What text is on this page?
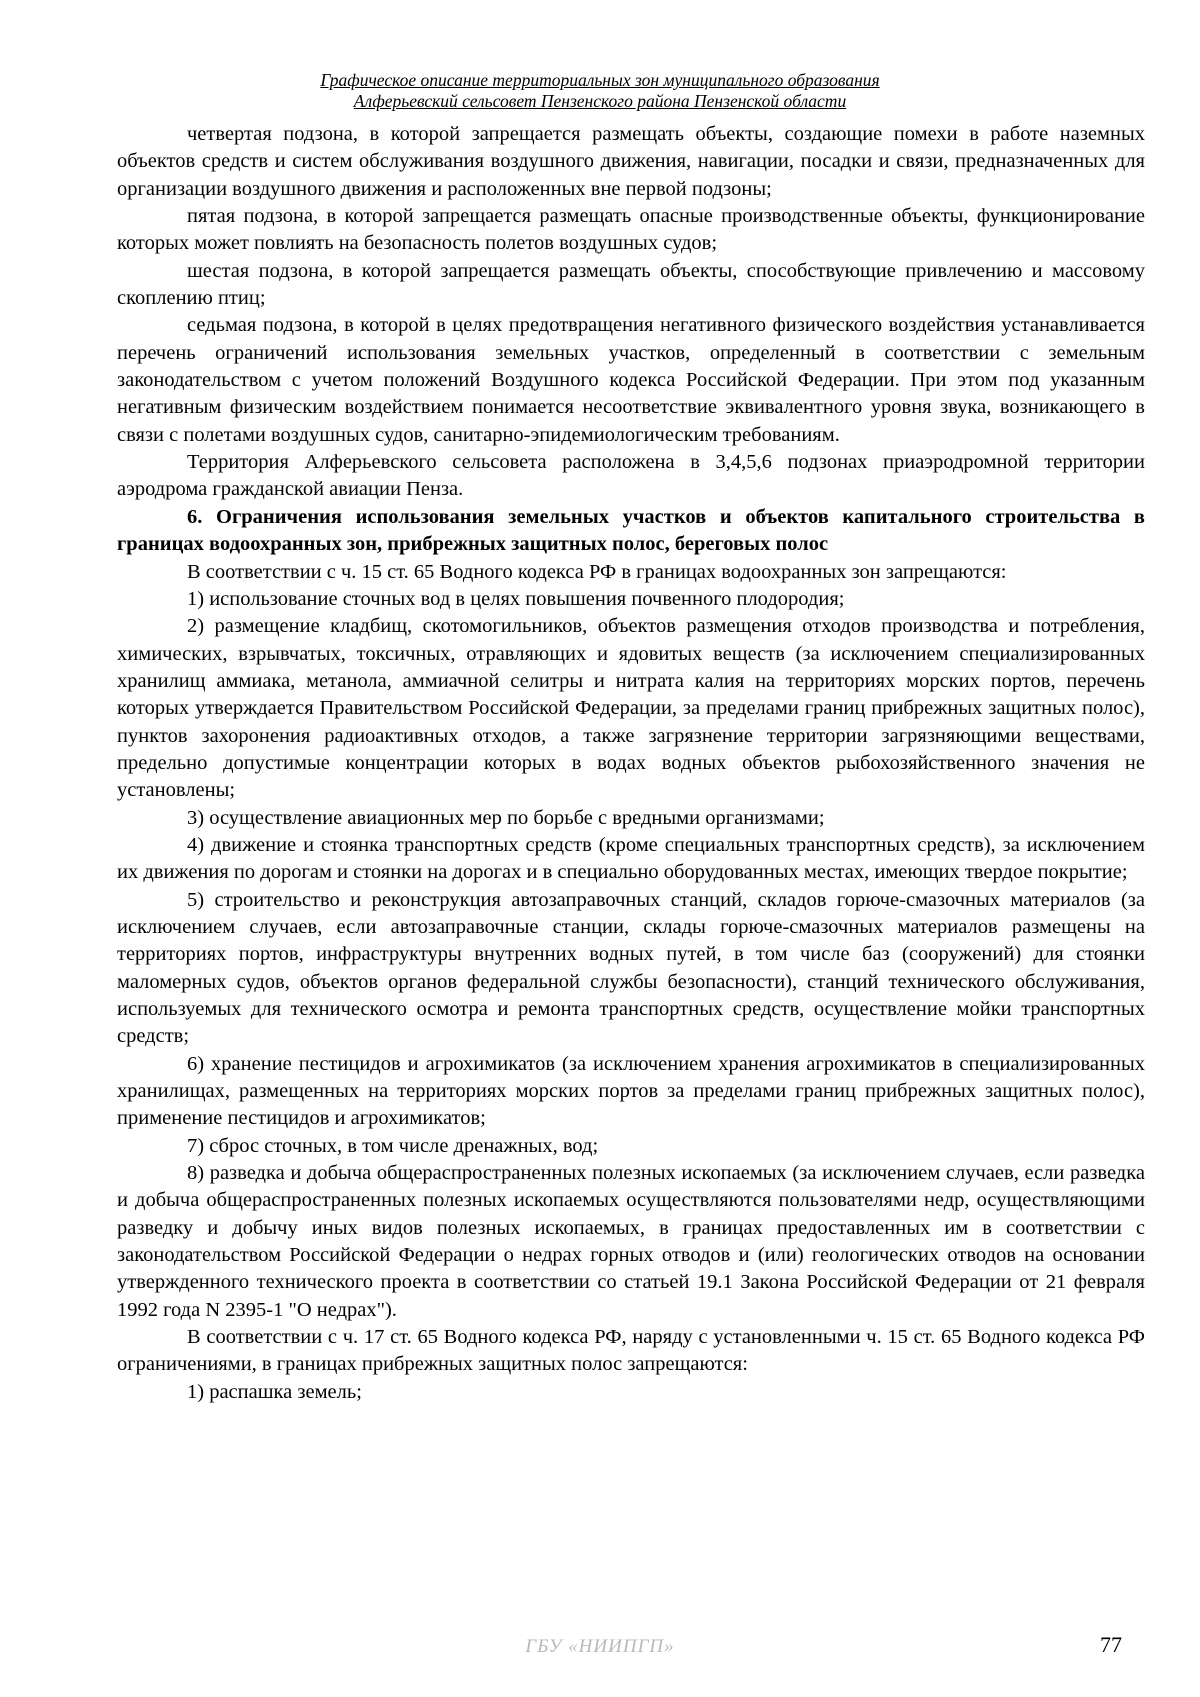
Графическое описание территориальных зон муниципального образования
Алферьевский сельсовет Пензенского района Пензенской области

четвертая подзона, в которой запрещается размещать объекты, создающие помехи в работе наземных объектов средств и систем обслуживания воздушного движения, навигации, посадки и связи, предназначенных для организации воздушного движения и расположенных вне первой подзоны;

пятая подзона, в которой запрещается размещать опасные производственные объекты, функционирование которых может повлиять на безопасность полетов воздушных судов;

шестая подзона, в которой запрещается размещать объекты, способствующие привлечению и массовому скоплению птиц;

седьмая подзона, в которой в целях предотвращения негативного физического воздействия устанавливается перечень ограничений использования земельных участков, определенный в соответствии с земельным законодательством с учетом положений Воздушного кодекса Российской Федерации. При этом под указанным негативным физическим воздействием понимается несоответствие эквивалентного уровня звука, возникающего в связи с полетами воздушных судов, санитарно-эпидемиологическим требованиям.

Территория Алферьевского сельсовета расположена в 3,4,5,6 подзонах приаэродромной территории аэродрома гражданской авиации Пенза.

6. Ограничения использования земельных участков и объектов капитального строительства в границах водоохранных зон, прибрежных защитных полос, береговых полос

В соответствии с ч. 15 ст. 65 Водного кодекса РФ в границах водоохранных зон запрещаются:

1) использование сточных вод в целях повышения почвенного плодородия;

2) размещение кладбищ, скотомогильников, объектов размещения отходов производства и потребления, химических, взрывчатых, токсичных, отравляющих и ядовитых веществ (за исключением специализированных хранилищ аммиака, метанола, аммиачной селитры и нитрата калия на территориях морских портов, перечень которых утверждается Правительством Российской Федерации, за пределами границ прибрежных защитных полос), пунктов захоронения радиоактивных отходов, а также загрязнение территории загрязняющими веществами, предельно допустимые концентрации которых в водах водных объектов рыбохозяйственного значения не установлены;

3) осуществление авиационных мер по борьбе с вредными организмами;

4) движение и стоянка транспортных средств (кроме специальных транспортных средств), за исключением их движения по дорогам и стоянки на дорогах и в специально оборудованных местах, имеющих твердое покрытие;

5) строительство и реконструкция автозаправочных станций, складов горюче-смазочных материалов (за исключением случаев, если автозаправочные станции, склады горюче-смазочных материалов размещены на территориях портов, инфраструктуры внутренних водных путей, в том числе баз (сооружений) для стоянки маломерных судов, объектов органов федеральной службы безопасности), станций технического обслуживания, используемых для технического осмотра и ремонта транспортных средств, осуществление мойки транспортных средств;

6) хранение пестицидов и агрохимикатов (за исключением хранения агрохимикатов в специализированных хранилищах, размещенных на территориях морских портов за пределами границ прибрежных защитных полос), применение пестицидов и агрохимикатов;

7) сброс сточных, в том числе дренажных, вод;

8) разведка и добыча общераспространенных полезных ископаемых (за исключением случаев, если разведка и добыча общераспространенных полезных ископаемых осуществляются пользователями недр, осуществляющими разведку и добычу иных видов полезных ископаемых, в границах предоставленных им в соответствии с законодательством Российской Федерации о недрах горных отводов и (или) геологических отводов на основании утвержденного технического проекта в соответствии со статьей 19.1 Закона Российской Федерации от 21 февраля 1992 года N 2395-1 "О недрах").

В соответствии с ч. 17 ст. 65 Водного кодекса РФ, наряду с установленными ч. 15 ст. 65 Водного кодекса РФ ограничениями, в границах прибрежных защитных полос запрещаются:

1) распашка земель;

ГБУ «НИИПГП»	77
